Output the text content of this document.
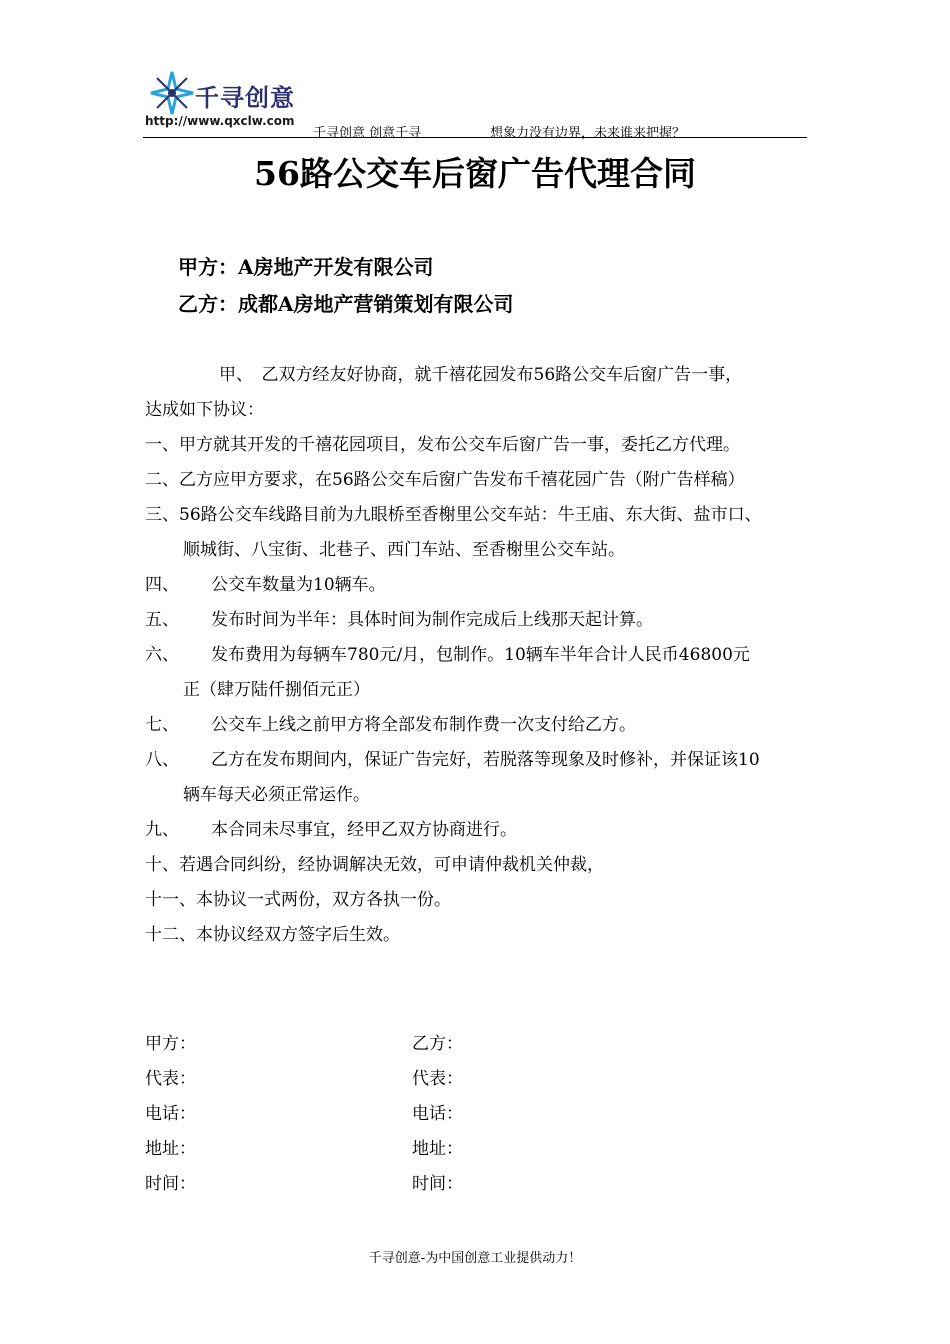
千寻创意
http://www.qxclw.com
千寻创意 创意千寻	想象力没有边界，未来谁来把握？
56路公交车后窗广告代理合同
甲方：A房地产开发有限公司
乙方：成都A房地产营销策划有限公司
甲、　乙双方经友好协商，就千禧花园发布56路公交车后窗广告一事，
达成如下协议：
一、甲方就其开发的千禧花园项目，发布公交车后窗广告一事，委托乙方代理。
二、乙方应甲方要求，在56路公交车后窗广告发布千禧花园广告（附广告样稿）
三、56路公交车线路目前为九眼桥至香榭里公交车站：牛王庙、东大街、盐市口、
顺城街、八宝街、北巷子、西门车站、至香榭里公交车站。
四、 公交车数量为10辆车。
五、 发布时间为半年：具体时间为制作完成后上线那天起计算。
六、 发布费用为每辆车780元/月，包制作。10辆车半年合计人民币46800元
正（肆万陆仟捌佰元正）
七、 公交车上线之前甲方将全部发布制作费一次支付给乙方。
八、 乙方在发布期间内，保证广告完好，若脱落等现象及时修补，并保证该10
辆车每天必须正常运作。
九、 本合同未尽事宜，经甲乙双方协商进行。
十、若遇合同纠纷，经协调解决无效，可申请仲裁机关仲裁，
十一、本协议一式两份，双方各执一份。
十二、本协议经双方签字后生效。
甲方：
代表：
电话：
地址：
时间：
乙方：
代表：
电话：
地址：
时间：
千寻创意-为中国创意工业提供动力！
